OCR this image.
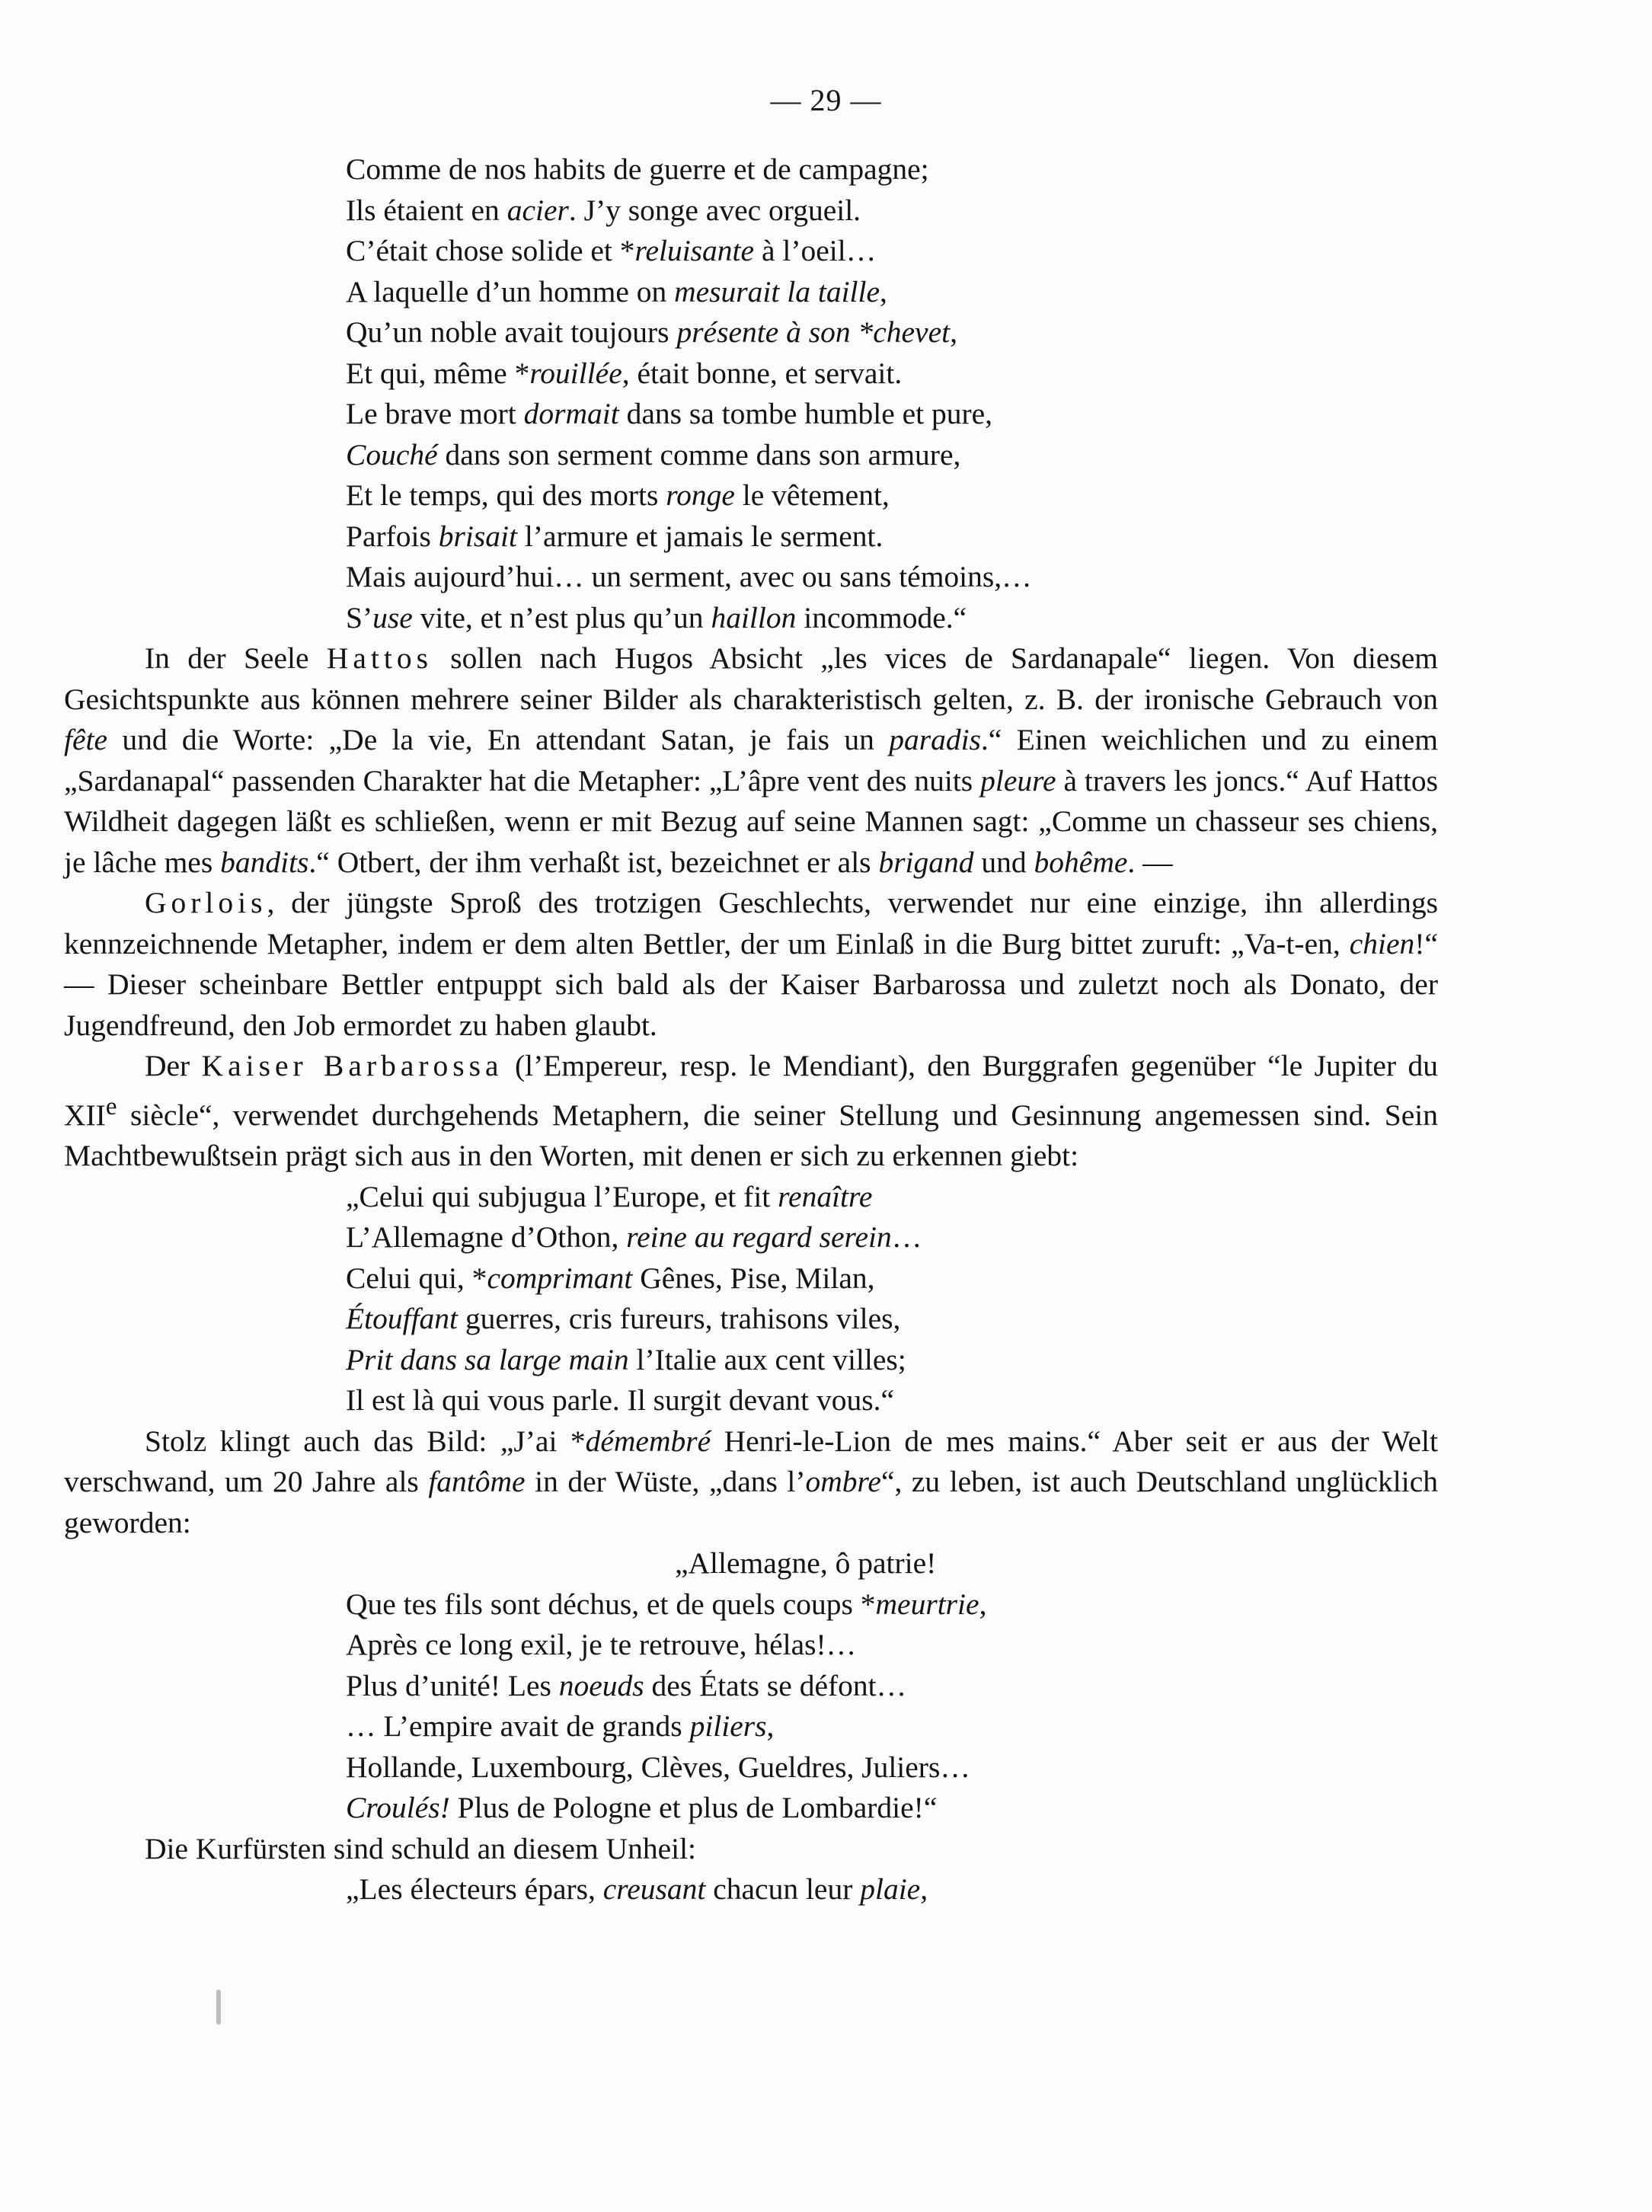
— 29 —

Comme de nos habits de guerre et de campagne;

Ils étaient en acier. J’y songe avec orgueil.

C’était chose solide et *reluisante à l’oeil…

A laquelle d’un homme on mesurait la taille,

Qu’un noble avait toujours présente à son *chevet,

Et qui, même *rouillée, était bonne, et servait.

Le brave mort dormait dans sa tombe humble et pure,

Couché dans son serment comme dans son armure,

Et le temps, qui des morts ronge le vêtement,

Parfois brisait l’armure et jamais le serment.

Mais aujourd’hui… un serment, avec ou sans témoins,…

S’use vite, et n’est plus qu’un haillon incommode.“

In der Seele Hattos sollen nach Hugos Absicht „les vices de Sardanapale“ liegen. Von diesem Gesichtspunkte aus können mehrere seiner Bilder als charakteristisch gelten, z. B. der ironische Gebrauch von fête und die Worte: „De la vie, En attendant Satan, je fais un paradis.“ Einen weichlichen und zu einem „Sardanapal“ passenden Charakter hat die Metapher: „L’âpre vent des nuits pleure à travers les joncs.“ Auf Hattos Wildheit dagegen läßt es schließen, wenn er mit Bezug auf seine Mannen sagt: „Comme un chasseur ses chiens, je lâche mes bandits.“ Otbert, der ihm verhaßt ist, bezeichnet er als brigand und bohême. —

Gorlois, der jüngste Sproß des trotzigen Geschlechts, verwendet nur eine einzige, ihn allerdings kennzeichnende Metapher, indem er dem alten Bettler, der um Einlaß in die Burg bittet zuruft: „Va-t-en, chien!“ — Dieser scheinbare Bettler entpuppt sich bald als der Kaiser Barbarossa und zuletzt noch als Donato, der Jugendfreund, den Job ermordet zu haben glaubt.

Der Kaiser Barbarossa (l’Empereur, resp. le Mendiant), den Burggrafen gegenüber “le Jupiter du XIIe siècle“, verwendet durchgehends Metaphern, die seiner Stellung und Gesinnung angemessen sind. Sein Machtbewußtsein prägt sich aus in den Worten, mit denen er sich zu erkennen giebt:

„Celui qui subjugua l’Europe, et fit renaître

L’Allemagne d’Othon, reine au regard serein…

Celui qui, *comprimant Gênes, Pise, Milan,

Étouffant guerres, cris fureurs, trahisons viles,

Prit dans sa large main l’Italie aux cent villes;

Il est là qui vous parle. Il surgit devant vous.“

Stolz klingt auch das Bild: „J’ai *démembré Henri-le-Lion de mes mains.“ Aber seit er aus der Welt verschwand, um 20 Jahre als fantôme in der Wüste, „dans l’ombre“, zu leben, ist auch Deutschland unglücklich geworden:

„Allemagne, ô patrie!

Que tes fils sont déchus, et de quels coups *meurtrie,

Après ce long exil, je te retrouve, hélas!…

Plus d’unité! Les noeuds des États se défont…

… L’empire avait de grands piliers,

Hollande, Luxembourg, Clèves, Gueldres, Juliers…

Croulés! Plus de Pologne et plus de Lombardie!“

Die Kurfürsten sind schuld an diesem Unheil:

„Les électeurs épars, creusant chacun leur plaie,
